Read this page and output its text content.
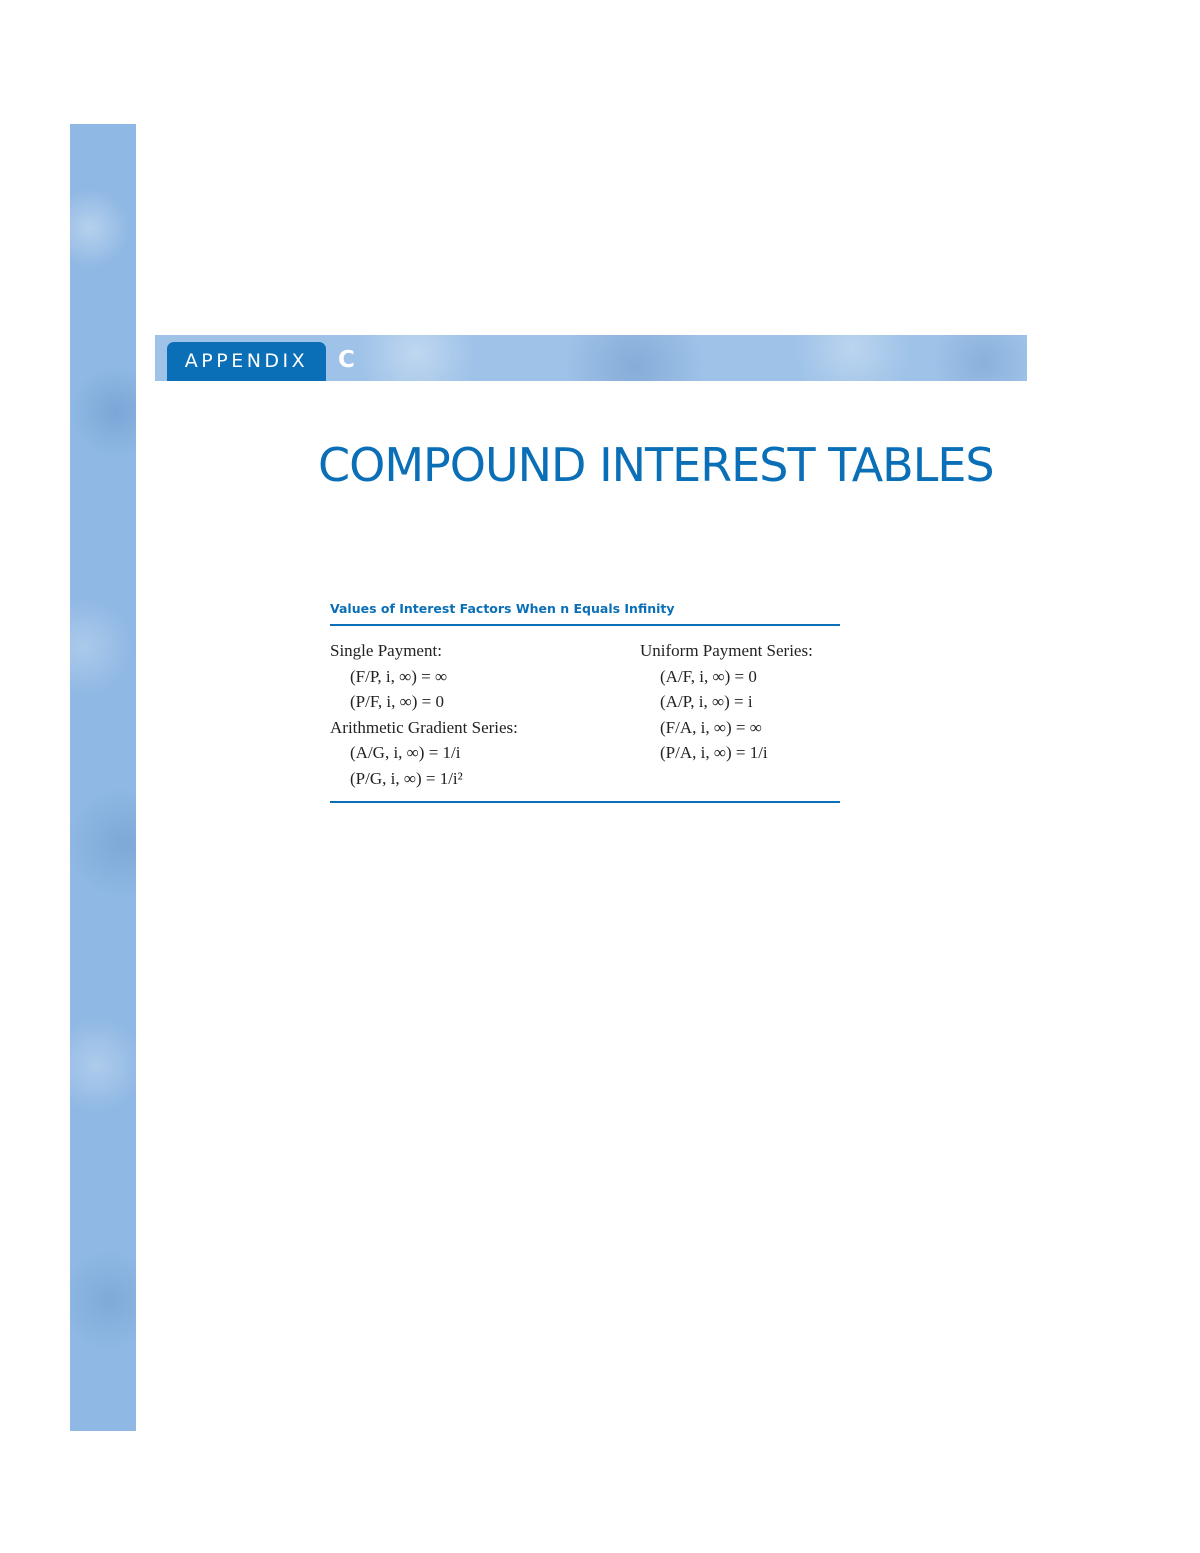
APPENDIX	C
COMPOUND INTEREST TABLES
Values of Interest Factors When n Equals Infinity
Single Payment:
(F/P, i, ∞) = ∞
(P/F, i, ∞) = 0
Arithmetic Gradient Series:
(A/G, i, ∞) = 1/i
(P/G, i, ∞) = 1/i²
Uniform Payment Series:
(A/F, i, ∞) = 0
(A/P, i, ∞) = i
(F/A, i, ∞) = ∞
(P/A, i, ∞) = 1/i
